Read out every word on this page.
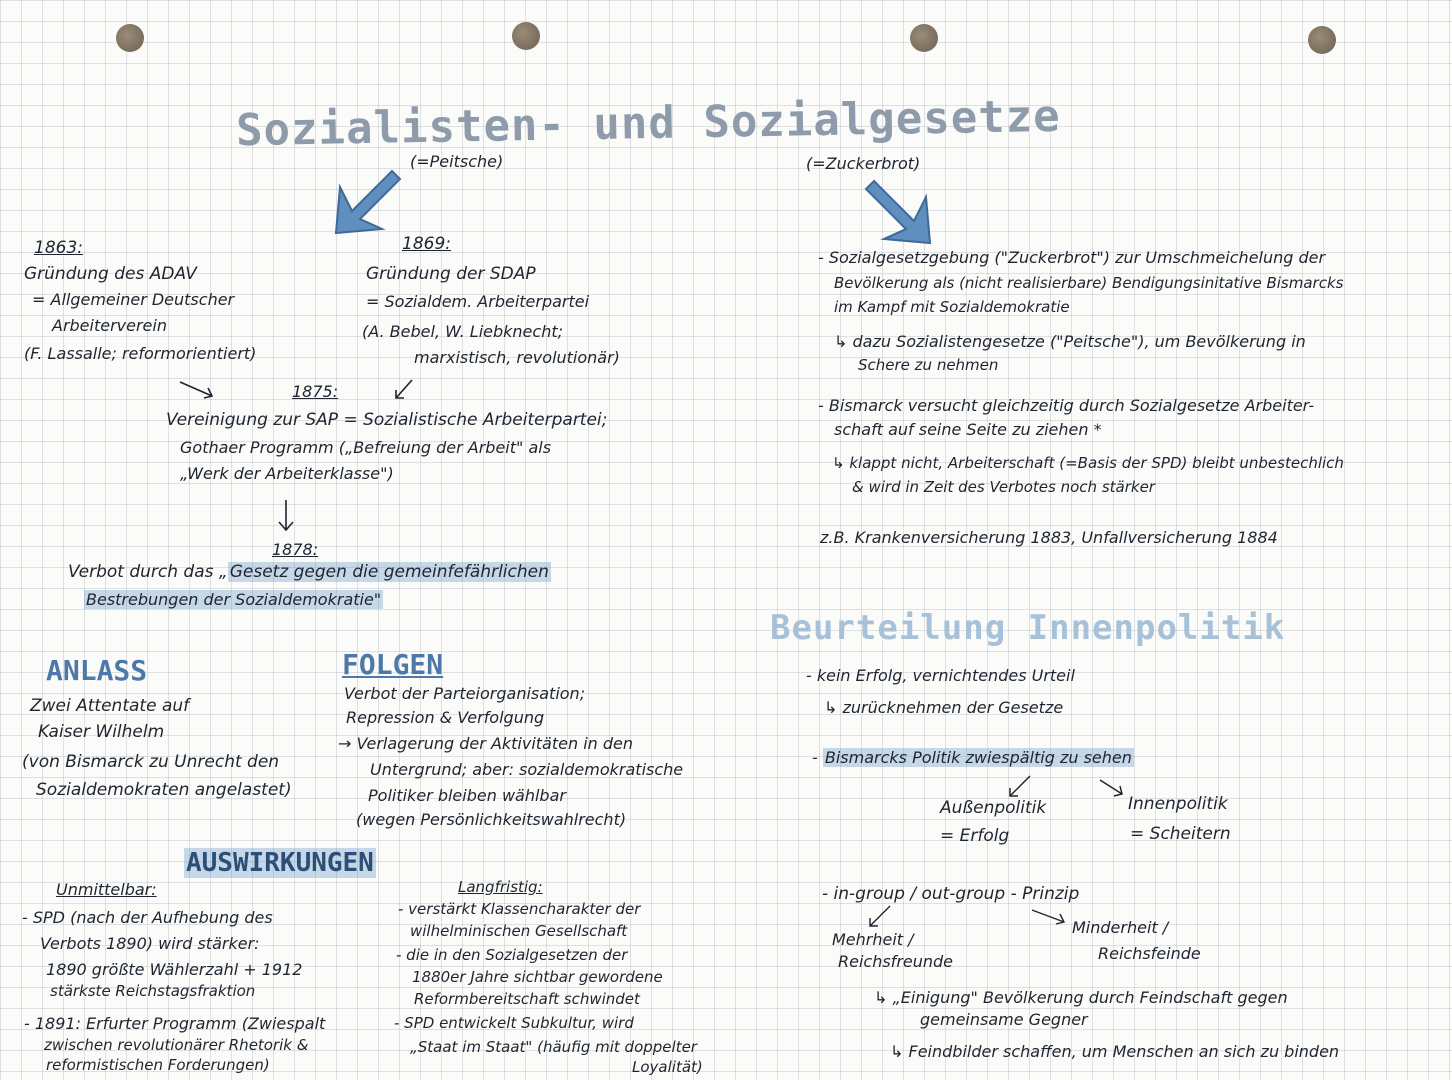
Sozialisten- und Sozialgesetze
(=Peitsche)	(=Zuckerbrot)
1863:
Gründung des ADAV
= Allgemeiner Deutscher
Arbeiterverein
(F. Lassalle; reformorientiert)
1869:
Gründung der SDAP
= Sozialdem. Arbeiterpartei
(A. Bebel, W. Liebknecht;
marxistisch, revolutionär)
1875:
Vereinigung zur SAP = Sozialistische Arbeiterpartei;
Gothaer Programm („Befreiung der Arbeit" als
„Werk der Arbeiterklasse")
1878:
Verbot durch das „ Gesetz gegen die gemeinfefährlichen
Bestrebungen der Sozialdemokratie"
ANLASS
Zwei Attentate auf
Kaiser Wilhelm
(von Bismarck zu Unrecht den
Sozialdemokraten angelastet)
FOLGEN
Verbot der Parteiorganisation;
Repression & Verfolgung
→ Verlagerung der Aktivitäten in den
Untergrund; aber: sozialdemokratische
Politiker bleiben wählbar
(wegen Persönlichkeitswahlrecht)
AUSWIRKUNGEN
Unmittelbar:
- SPD (nach der Aufhebung des
Verbots 1890) wird stärker:
1890 größte Wählerzahl + 1912
stärkste Reichstagsfraktion
- 1891: Erfurter Programm (Zwiespalt
zwischen revolutionärer Rhetorik &
reformistischen Forderungen)
Langfristig:
- verstärkt Klassencharakter der
wilhelminischen Gesellschaft
- die in den Sozialgesetzen der
1880er Jahre sichtbar gewordene
Reformbereitschaft schwindet
- SPD entwickelt Subkultur, wird
„Staat im Staat" (häufig mit doppelter
Loyalität)
- Sozialgesetzgebung ("Zuckerbrot") zur Umschmeichelung der
Bevölkerung als (nicht realisierbare) Bendigungsinitative Bismarcks
im Kampf mit Sozialdemokratie
↳ dazu Sozialistengesetze ("Peitsche"), um Bevölkerung in
Schere zu nehmen
- Bismarck versucht gleichzeitig durch Sozialgesetze Arbeiter-
schaft auf seine Seite zu ziehen *
↳ klappt nicht, Arbeiterschaft (=Basis der SPD) bleibt unbestechlich
& wird in Zeit des Verbotes noch stärker
z.B. Krankenversicherung 1883, Unfallversicherung 1884
Beurteilung Innenpolitik
- kein Erfolg, vernichtendes Urteil
↳ zurücknehmen der Gesetze
- Bismarcks Politik zwiespältig zu sehen
Außenpolitik
= Erfolg
Innenpolitik
= Scheitern
- in-group / out-group - Prinzip
Mehrheit /
Reichsfreunde
Minderheit /
Reichsfeinde
↳ „Einigung" Bevölkerung durch Feindschaft gegen
gemeinsame Gegner
↳ Feindbilder schaffen, um Menschen an sich zu binden
